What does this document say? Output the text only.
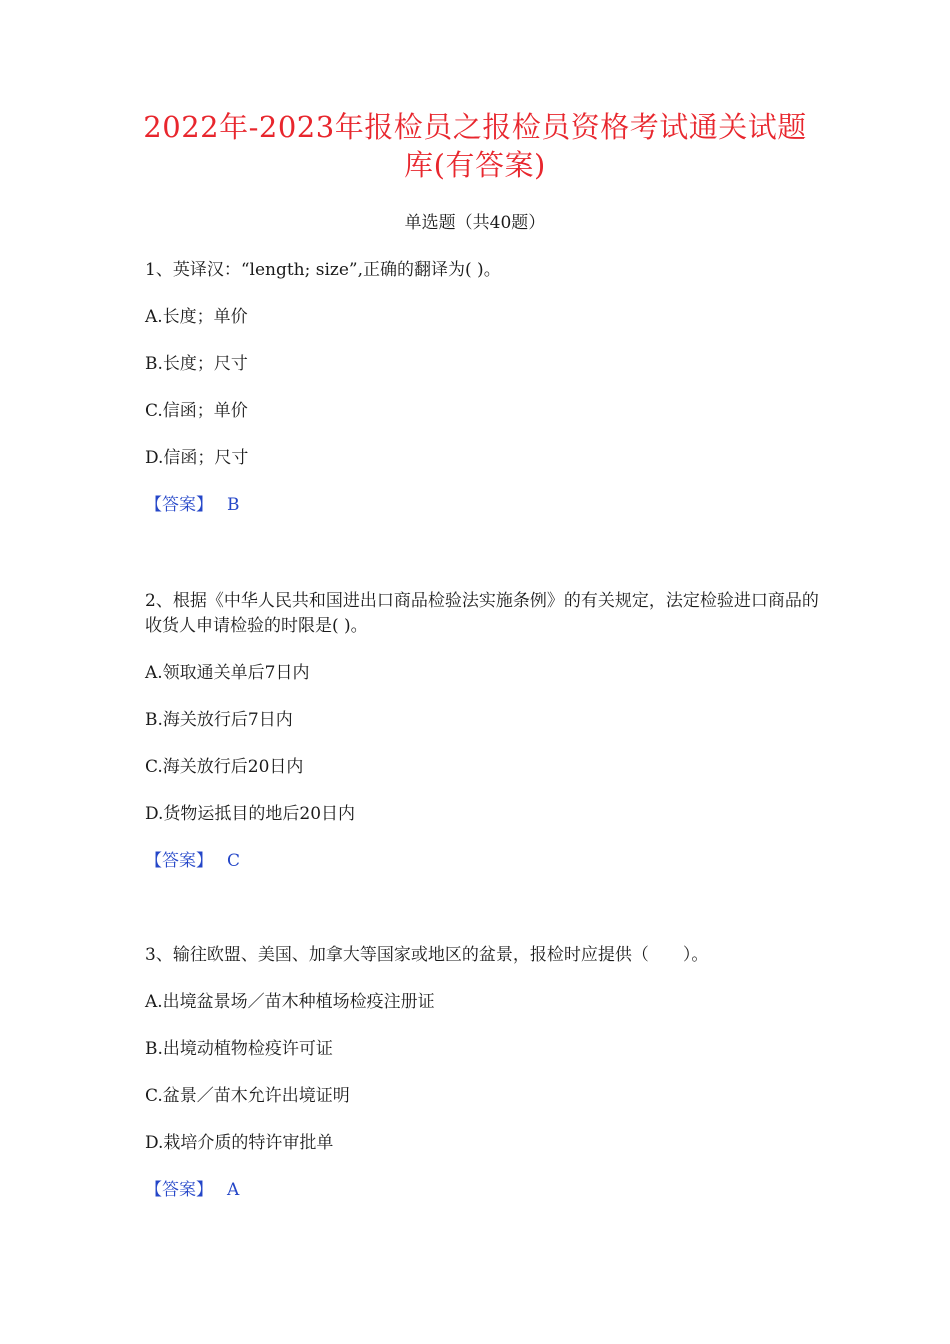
2022年-2023年报检员之报检员资格考试通关试题
库(有答案)
单选题（共40题）

1、英译汉：“length; size”,正确的翻译为( )。

A.长度；单价

B.长度；尺寸

C.信函；单价

D.信函；尺寸

【答案】 B

2、根据《中华人民共和国进出口商品检验法实施条例》的有关规定，法定检验进口商品的收货人申请检验的时限是( )。

A.领取通关单后7日内

B.海关放行后7日内

C.海关放行后20日内

D.货物运抵目的地后20日内

【答案】 C

3、输往欧盟、美国、加拿大等国家或地区的盆景，报检时应提供（　　）。

A.出境盆景场／苗木种植场检疫注册证

B.出境动植物检疫许可证

C.盆景／苗木允许出境证明

D.栽培介质的特许审批单

【答案】 A
